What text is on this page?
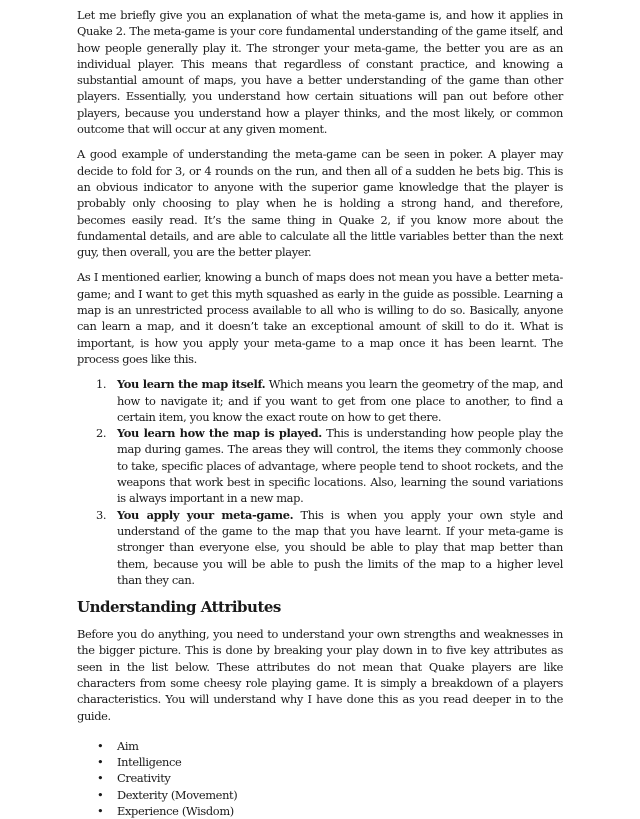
Let me briefly give you an explanation of what the meta-game is, and how it applies in Quake 2. The meta-game is your core fundamental understanding of the game itself, and how people generally play it. The stronger your meta-game, the better you are as an individual player. This means that regardless of constant practice, and knowing a substantial amount of maps, you have a better understanding of the game than other players. Essentially, you understand how certain situations will pan out before other players, because you understand how a player thinks, and the most likely, or common outcome that will occur at any given moment.

A good example of understanding the meta-game can be seen in poker. A player may decide to fold for 3, or 4 rounds on the run, and then all of a sudden he bets big. This is an obvious indicator to anyone with the superior game knowledge that the player is probably only choosing to play when he is holding a strong hand, and therefore, becomes easily read. It’s the same thing in Quake 2, if you know more about the fundamental details, and are able to calculate all the little variables better than the next guy, then overall, you are the better player.

As I mentioned earlier, knowing a bunch of maps does not mean you have a better meta-game; and I want to get this myth squashed as early in the guide as possible. Learning a map is an unrestricted process available to all who is willing to do so. Basically, anyone can learn a map, and it doesn’t take an exceptional amount of skill to do it. What is important, is how you apply your meta-game to a map once it has been learnt. The process goes like this.

1. You learn the map itself. Which means you learn the geometry of the map, and how to navigate it; and if you want to get from one place to another, to find a certain item, you know the exact route on how to get there.
2. You learn how the map is played. This is understanding how people play the map during games. The areas they will control, the items they commonly choose to take, specific places of advantage, where people tend to shoot rockets, and the weapons that work best in specific locations. Also, learning the sound variations is always important in a new map.
3. You apply your meta-game. This is when you apply your own style and understand of the game to the map that you have learnt. If your meta-game is stronger than everyone else, you should be able to play that map better than them, because you will be able to push the limits of the map to a higher level than they can.
Understanding Attributes

Before you do anything, you need to understand your own strengths and weaknesses in the bigger picture. This is done by breaking your play down in to five key attributes as seen in the list below. These attributes do not mean that Quake players are like characters from some cheesy role playing game. It is simply a breakdown of a players characteristics. You will understand why I have done this as you read deeper in to the guide.

• Aim
• Intelligence
• Creativity
• Dexterity (Movement)
• Experience (Wisdom)
